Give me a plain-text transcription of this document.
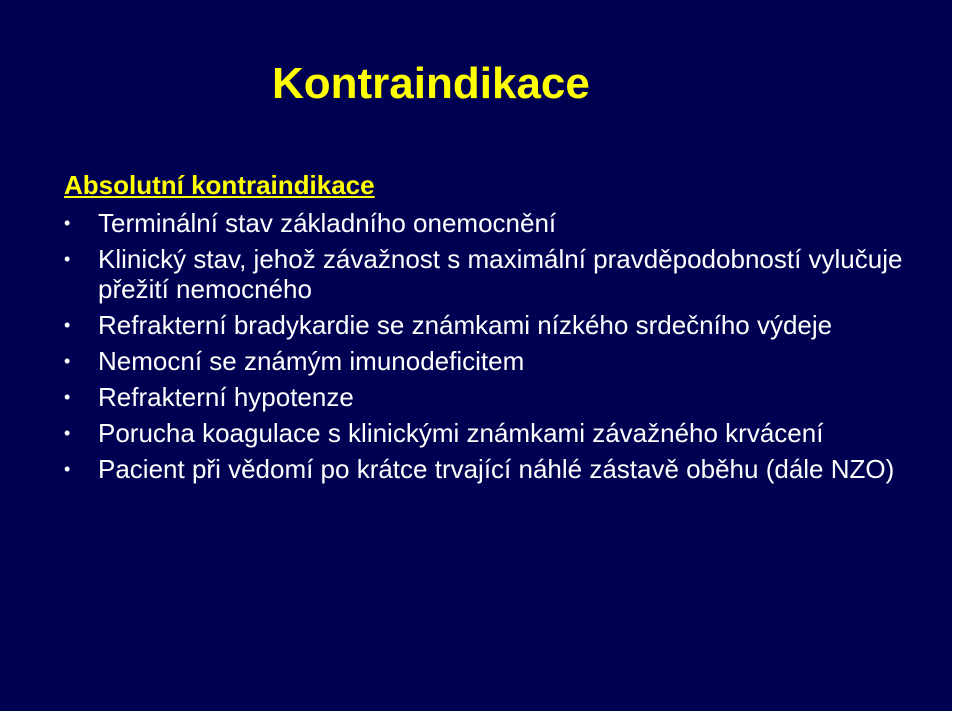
Kontraindikace
Absolutní kontraindikace
• Terminální stav základního onemocnění
• Klinický stav, jehož závažnost s maximální pravděpodobností vylučuje přežití nemocného
• Refrakterní bradykardie se známkami nízkého srdečního výdeje
• Nemocní se známým imunodeficitem
• Refrakterní hypotenze
• Porucha koagulace s klinickými známkami závažného krvácení
• Pacient při vědomí po krátce trvající náhlé zástavě oběhu (dále NZO)
